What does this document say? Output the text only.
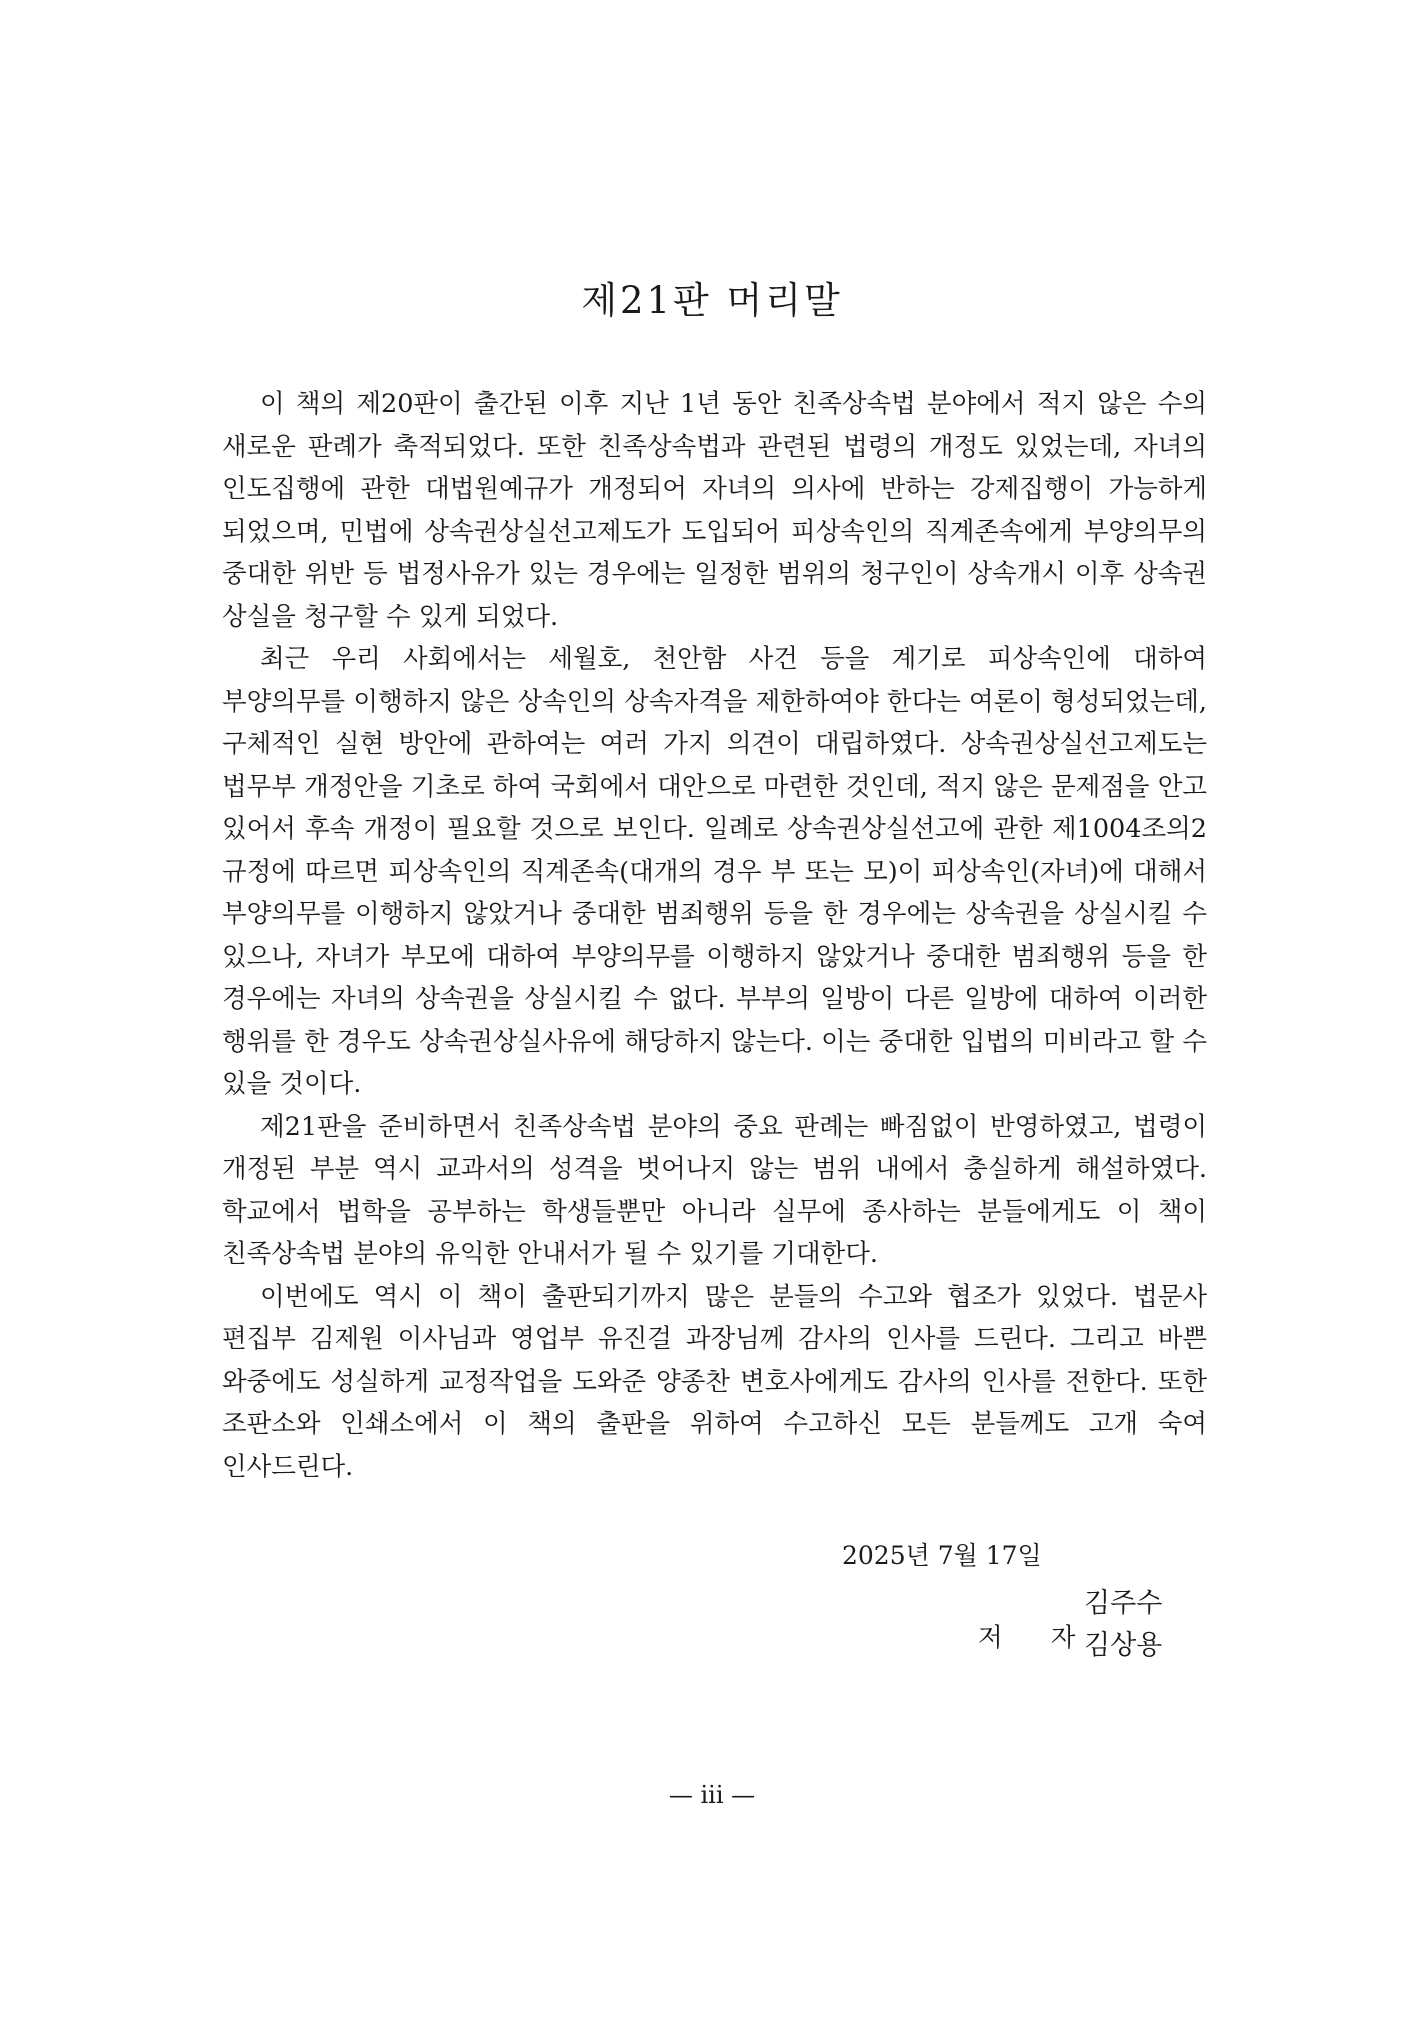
제21판 머리말

이 책의 제20판이 출간된 이후 지난 1년 동안 친족상속법 분야에서 적지 않은 수의 새로운 판례가 축적되었다. 또한 친족상속법과 관련된 법령의 개정도 있었는데, 자녀의 인도집행에 관한 대법원예규가 개정되어 자녀의 의사에 반하는 강제집행이 가능하게 되었으며, 민법에 상속권상실선고제도가 도입되어 피상속인의 직계존속에게 부양의무의 중대한 위반 등 법정사유가 있는 경우에는 일정한 범위의 청구인이 상속개시 이후 상속권 상실을 청구할 수 있게 되었다.

최근 우리 사회에서는 세월호, 천안함 사건 등을 계기로 피상속인에 대하여 부양의무를 이행하지 않은 상속인의 상속자격을 제한하여야 한다는 여론이 형성되었는데, 구체적인 실현 방안에 관하여는 여러 가지 의견이 대립하였다. 상속권상실선고제도는 법무부 개정안을 기초로 하여 국회에서 대안으로 마련한 것인데, 적지 않은 문제점을 안고 있어서 후속 개정이 필요할 것으로 보인다. 일례로 상속권상실선고에 관한 제1004조의2 규정에 따르면 피상속인의 직계존속(대개의 경우 부 또는 모)이 피상속인(자녀)에 대해서 부양의무를 이행하지 않았거나 중대한 범죄행위 등을 한 경우에는 상속권을 상실시킬 수 있으나, 자녀가 부모에 대하여 부양의무를 이행하지 않았거나 중대한 범죄행위 등을 한 경우에는 자녀의 상속권을 상실시킬 수 없다. 부부의 일방이 다른 일방에 대하여 이러한 행위를 한 경우도 상속권상실사유에 해당하지 않는다. 이는 중대한 입법의 미비라고 할 수 있을 것이다.

제21판을 준비하면서 친족상속법 분야의 중요 판례는 빠짐없이 반영하였고, 법령이 개정된 부분 역시 교과서의 성격을 벗어나지 않는 범위 내에서 충실하게 해설하였다. 학교에서 법학을 공부하는 학생들뿐만 아니라 실무에 종사하는 분들에게도 이 책이 친족상속법 분야의 유익한 안내서가 될 수 있기를 기대한다.

이번에도 역시 이 책이 출판되기까지 많은 분들의 수고와 협조가 있었다. 법문사 편집부 김제원 이사님과 영업부 유진걸 과장님께 감사의 인사를 드린다. 그리고 바쁜 와중에도 성실하게 교정작업을 도와준 양종찬 변호사에게도 감사의 인사를 전한다. 또한 조판소와 인쇄소에서 이 책의 출판을 위하여 수고하신 모든 분들께도 고개 숙여 인사드린다.

2025년 7월 17일
저 자
김주수
김상용
— iii —
